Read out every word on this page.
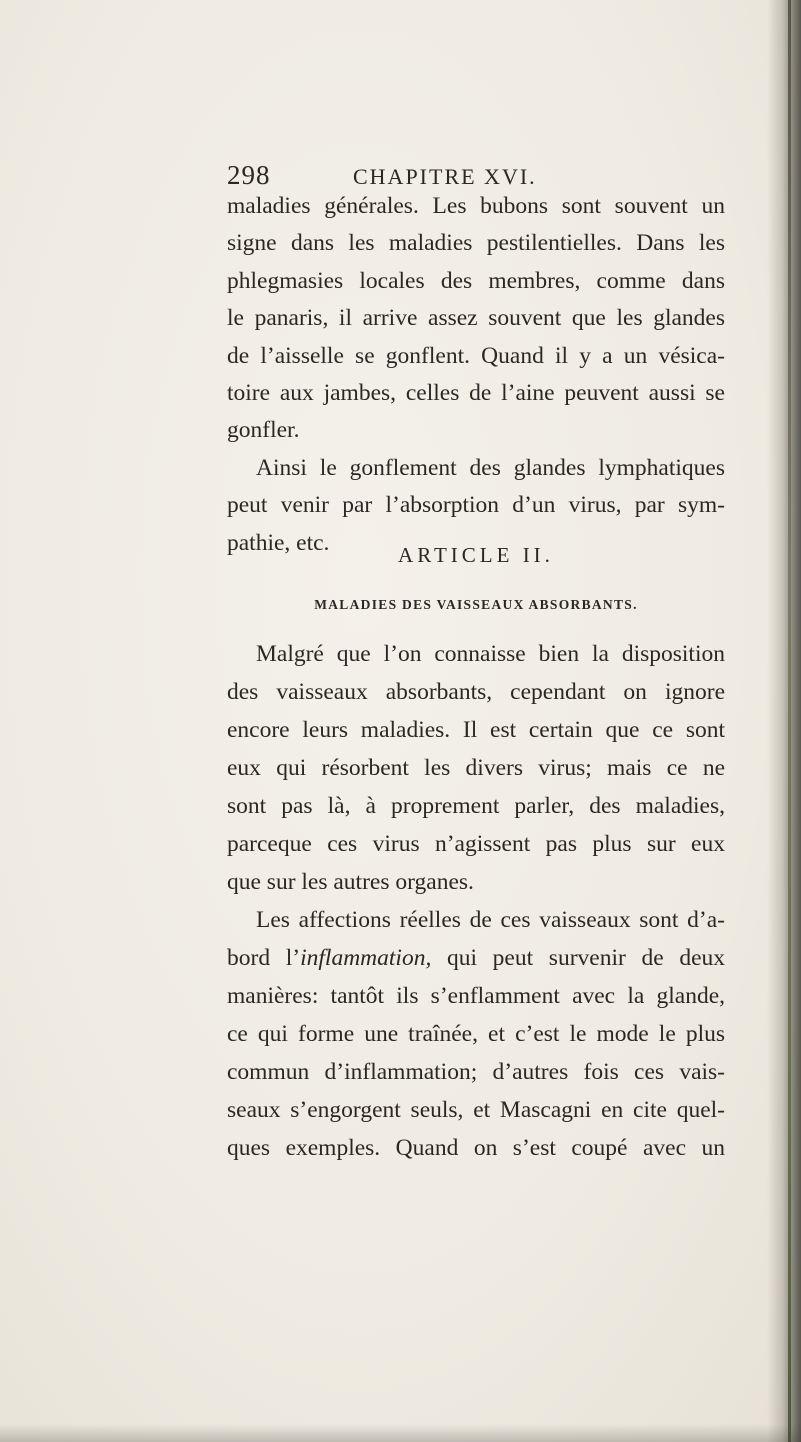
298	CHAPITRE XVI.
maladies générales. Les bubons sont souvent un
signe dans les maladies pestilentielles. Dans les
phlegmasies locales des membres, comme dans
le panaris, il arrive assez souvent que les glandes
de l’aisselle se gonflent. Quand il y a un vésica-
toire aux jambes, celles de l’aine peuvent aussi se
gonfler.
Ainsi le gonflement des glandes lymphatiques
peut venir par l’absorption d’un virus, par sym-
pathie, etc.	ARTICLE II.
MALADIES DES VAISSEAUX ABSORBANTS.
Malgré que l’on connaisse bien la disposition
des vaisseaux absorbants, cependant on ignore
encore leurs maladies. Il est certain que ce sont
eux qui résorbent les divers virus; mais ce ne
sont pas là, à proprement parler, des maladies,
parceque ces virus n’agissent pas plus sur eux
que sur les autres organes.
Les affections réelles de ces vaisseaux sont d’a-
bord l’inflammation, qui peut survenir de deux
manières: tantôt ils s’enflamment avec la glande,
ce qui forme une traînée, et c’est le mode le plus
commun d’inflammation; d’autres fois ces vais-
seaux s’engorgent seuls, et Mascagni en cite quel-
ques exemples. Quand on s’est coupé avec un
